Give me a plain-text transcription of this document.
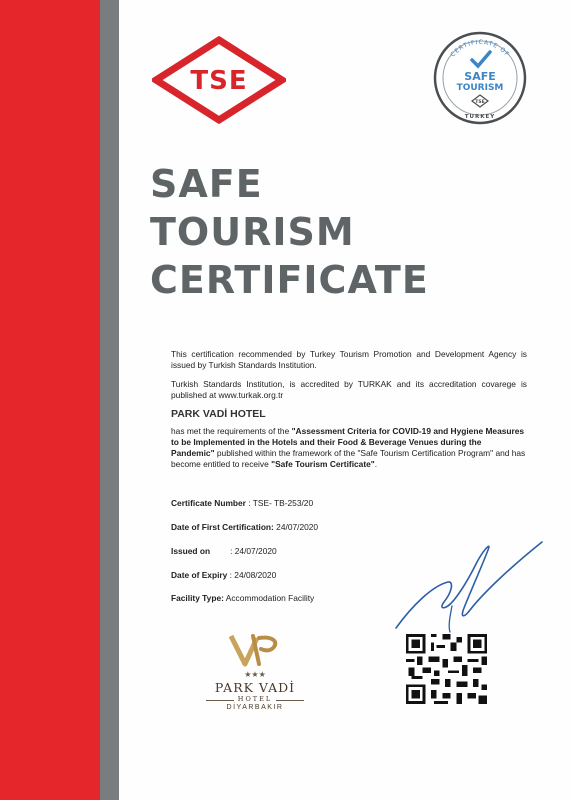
TSE
CERTIFICATE OF
SAFE
TOURISM
TSE
TURKEY
SAFE
TOURISM
CERTIFICATE

This certification recommended by Turkey Tourism Promotion and Development Agency is issued by Turkish Standards Institution.

Turkish Standards Institution, is accredited by TURKAK and its accreditation covarege is published at www.turkak.org.tr

PARK VADİ HOTEL

has met the requirements of the "Assessment Criteria for COVID-19 and Hygiene Measures to be Implemented in the Hotels and their Food & Beverage Venues during the Pandemic" published within the framework of the "Safe Tourism Certification Program" and has become entitled to receive "Safe Tourism Certificate".

Certificate Number : TSE- TB-253/20
Date of First Certification: 24/07/2020
Issued on : 24/07/2020
Date of Expiry : 24/08/2020
Facility Type: Accommodation Facility
★★★
PARK VADİ
HOTEL
DİYARBAKIR
